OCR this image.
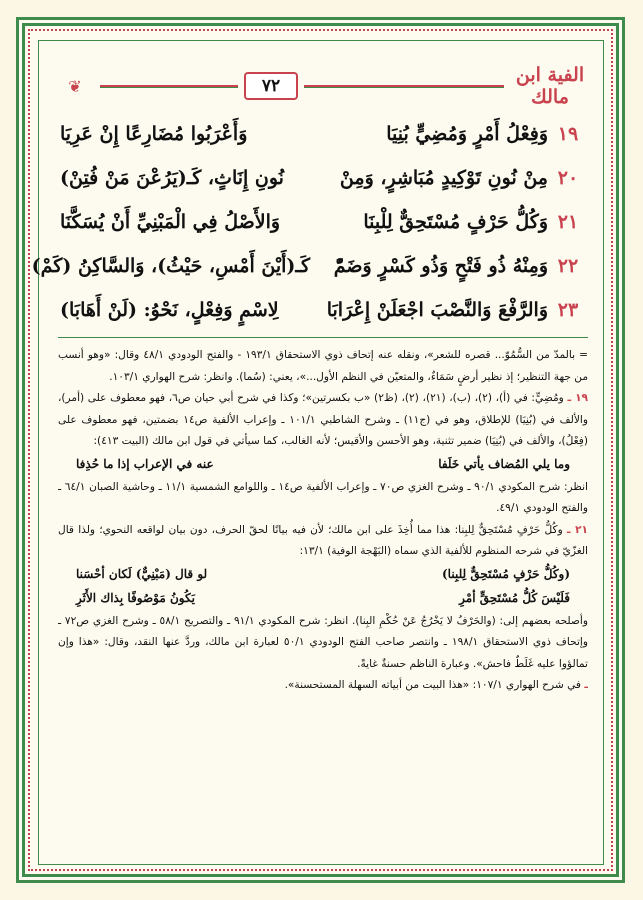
❦	٧٢	الفية ابن مالك
١٩
وَفِعْلُ أَمْرٍ وَمُضِيٍّ بُنِيَا
وَأَعْرَبُوا مُضَارِعًا إِنْ عَرِيَا
٢٠
مِنْ نُونِ تَوْكِيدٍ مُبَاشِرٍ، وَمِنْ
نُونِ إِنَاثٍ، كَـ(يَرُعْنَ مَنْ فُتِنْ)
٢١
وَكُلُّ حَرْفٍ مُسْتَحِقٌّ لِلْبِنَا
وَالأَصْلُ فِي الْمَبْنِيِّ أَنْ يُسَكَّنَا
٢٢
وَمِنْهُ ذُو فَتْحٍ وَذُو كَسْرٍ وَضَمّْ
كَـ(أَيْنَ أَمْسِ، حَيْثُ)، وَالسَّاكِنُ (كَمْ)
٢٣
وَالرَّفْعَ وَالنَّصْبَ اجْعَلَنْ إِعْرَابَا
لِاسْمٍ وَفِعْلٍ، نَحْوُ: (لَنْ أَهَابَا)

= بالمدّ من السُّمُوّ... قصره للشعر»، ونقله عنه إتحاف ذوي الاستحقاق ١٩٣/١ - والفتح الودودي ٤٨/١ وقال: «وهو أنسب من جهة التنظير؛ إذ نظير أرضٍ سَمَاءٌ، والمتعيّن في النظم الأول...»، يعني: (سُما). وانظر: شرح الهواري ١٠٣/١.

١٩ ـ ومُضِيٍّ: في (أ)، (٢)، (ب)، (٢١)، (٢)، (ظ٢) «ب بكسرتين»؛ وكذا في شرح أبي حيان ص٦، فهو معطوف على (أمر)، والألف في (بُنِيَا) للإطلاق، وهو في (ج١١) ـ وشرح الشاطبي ١٠١/١ ـ وإعراب الألفية ص١٤ بضمتين، فهو معطوف على (فِعْلُ)، والألف في (بُنِيَا) ضمير تثنية، وهو الأحسن والأقيس؛ لأنه الغالب، كما سيأتي في قول ابن مالك (البيت ٤١٣):

وما يلي المُضاف يأتي خَلَفا
عنه في الإعراب إذا ما حُذِفا

انظر: شرح المكودي ٩٠/١ ـ وشرح الغزي ص٧٠ ـ وإعراب الألفية ص١٤ ـ واللوامع الشمسية ١١/١ ـ وحاشية الصبان ٦٤/١ ـ والفتح الودودي ٤٩/١.

٢١ ـ وكُلُّ حَرْفٍ مُسْتَحِقٌّ لِلبِنا: هذا مما أُخِذَ على ابن مالك؛ لأن فيه بيانًا لحقّ الحرف، دون بيان لواقعه النحوي؛ ولذا قال الغزّيّ في شرحه المنظوم للألفية الذي سماه (البَهْجة الوفية) ١٣/١:

(وكُلُّ حَرْفٍ مُسْتَحِقٌّ لِلبِنا)
لو قال (مَبْنِيٌّ) لَكان أحْسَنا
فَلَيْسَ كُلُّ مُسْتَحِقٍّ أمْرِ
يَكُونُ مَوْصُوفًا بِذاك الأَثَرِ

وأصلحه بعضهم إلى: (والحَرْفُ لا يَخْرُجُ عَنْ حُكْمِ البِنا). انظر: شرح المكودي ٩١/١ ـ والتصريح ٥٨/١ ـ وشرح الغزي ص٧٢ ـ وإتحاف ذوي الاستحقاق ١٩٨/١ ـ وانتصر صاحب الفتح الودودي ٥٠/١ لعبارة ابن مالك، وردَّ عنها النقد، وقال: «هذا وإن تمالؤوا عليه غَلَطٌ فاحش». وعبارة الناظم حسنةٌ غايةً.

ـ في شرح الهواري ١٠٧/١: «هذا البيت من أبياته السهلة المستحسنة».
